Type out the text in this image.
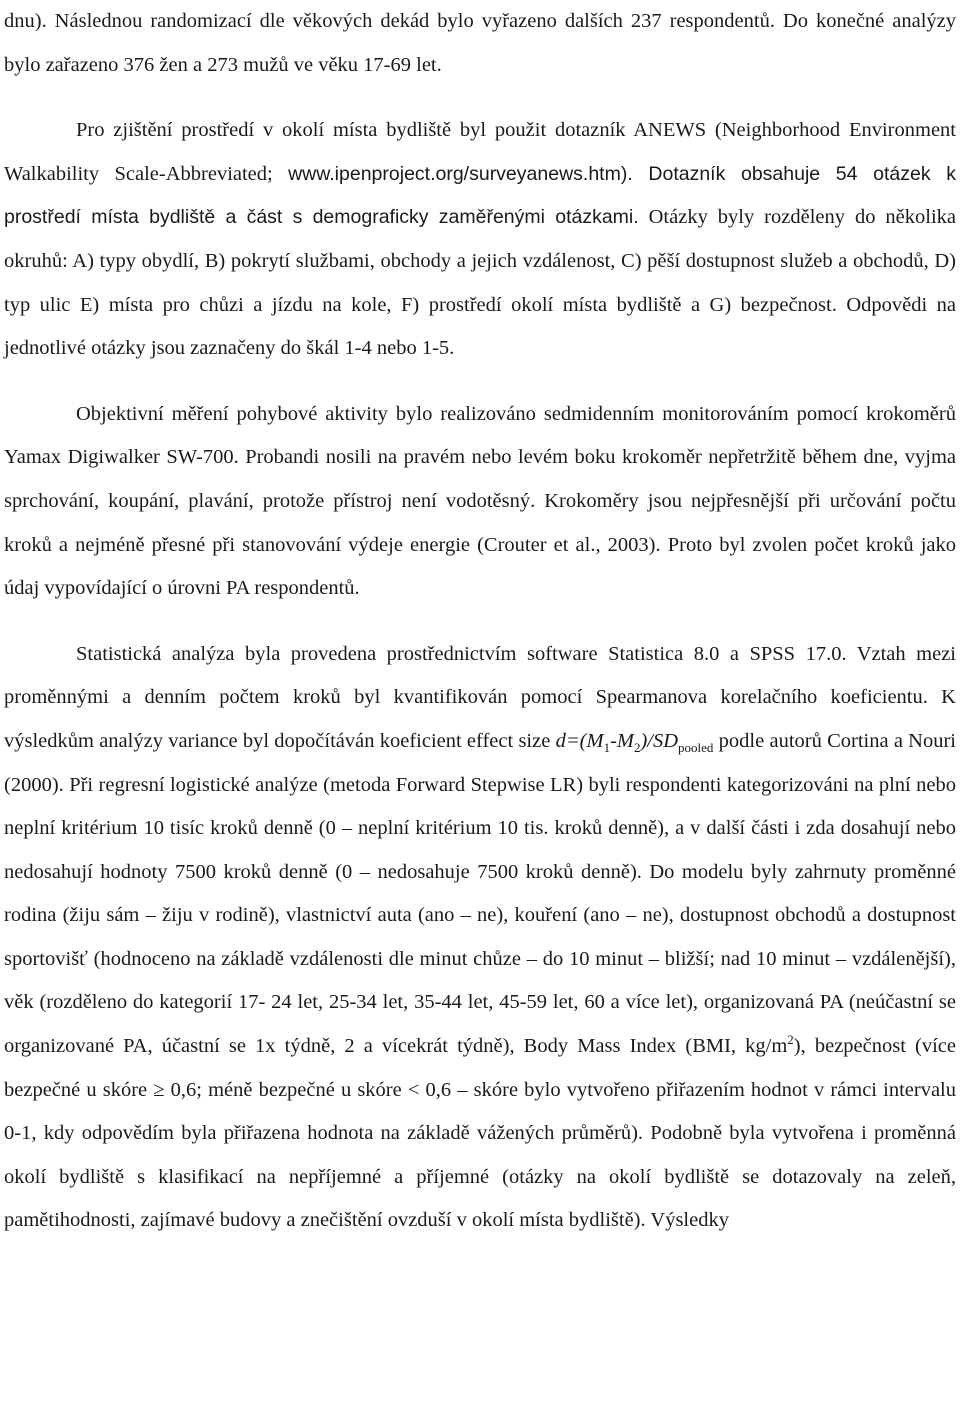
dnu). Následnou randomizací dle věkových dekád bylo vyřazeno dalších 237 respondentů. Do konečné analýzy bylo zařazeno 376 žen a 273 mužů ve věku 17-69 let.

Pro zjištění prostředí v okolí místa bydliště byl použit dotazník ANEWS (Neighborhood Environment Walkability Scale-Abbreviated; www.ipenproject.org/surveyanews.htm). Dotazník obsahuje 54 otázek k prostředí místa bydliště a část s demograficky zaměřenými otázkami. Otázky byly rozděleny do několika okruhů: A) typy obydlí, B) pokrytí službami, obchody a jejich vzdálenost, C) pěší dostupnost služeb a obchodů, D) typ ulic E) místa pro chůzi a jízdu na kole, F) prostředí okolí místa bydliště a G) bezpečnost. Odpovědi na jednotlivé otázky jsou zaznačeny do škál 1-4 nebo 1-5.

Objektivní měření pohybové aktivity bylo realizováno sedmidenním monitorováním pomocí krokoměrů Yamax Digiwalker SW-700. Probandi nosili na pravém nebo levém boku krokoměr nepřetržitě během dne, vyjma sprchování, koupání, plavání, protože přístroj není vodotěsný. Krokoměry jsou nejpřesnější při určování počtu kroků a nejméně přesné při stanovování výdeje energie (Crouter et al., 2003). Proto byl zvolen počet kroků jako údaj vypovídající o úrovni PA respondentů.

Statistická analýza byla provedena prostřednictvím software Statistica 8.0 a SPSS 17.0. Vztah mezi proměnnými a denním počtem kroků byl kvantifikován pomocí Spearmanova korelačního koeficientu. K výsledkům analýzy variance byl dopočítáván koeficient effect size $d=(M_1-M_2)/SD_{pooled}$ podle autorů Cortina a Nouri (2000). Při regresní logistické analýze (metoda Forward Stepwise LR) byli respondenti kategorizováni na plní nebo neplní kritérium 10 tisíc kroků denně (0 – neplní kritérium 10 tis. kroků denně), a v další části i zda dosahují nebo nedosahují hodnoty 7500 kroků denně (0 – nedosahuje 7500 kroků denně). Do modelu byly zahrnuty proměnné rodina (žiju sám – žiju v rodině), vlastnictví auta (ano – ne), kouření (ano – ne), dostupnost obchodů a dostupnost sportovišť (hodnoceno na základě vzdálenosti dle minut chůze – do 10 minut – bližší; nad 10 minut – vzdálenější), věk (rozděleno do kategorií 17- 24 let, 25-34 let, 35-44 let, 45-59 let, 60 a více let), organizovaná PA (neúčastní se organizované PA, účastní se 1x týdně, 2 a vícekrát týdně), Body Mass Index (BMI, $kg/m^2$), bezpečnost (více bezpečné u skóre ≥ 0,6; méně bezpečné u skóre < 0,6 – skóre bylo vytvořeno přiřazením hodnot v rámci intervalu 0-1, kdy odpovědím byla přiřazena hodnota na základě vážených průměrů). Podobně byla vytvořena i proměnná okolí bydliště s klasifikací na nepříjemné a příjemné (otázky na okolí bydliště se dotazovaly na zeleň, pamětihodnosti, zajímavé budovy a znečištění ovzduší v okolí místa bydliště). Výsledky
